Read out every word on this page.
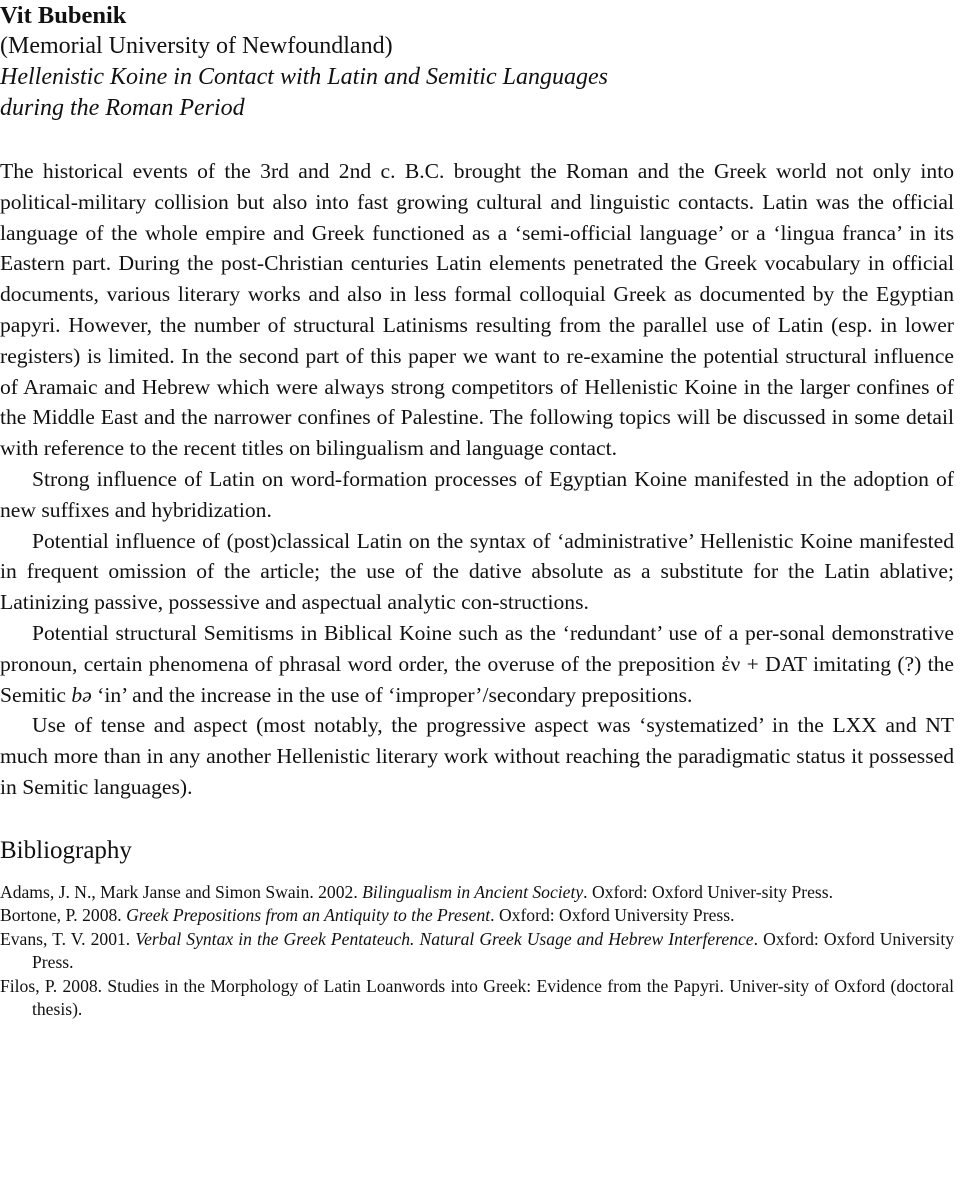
Vit Bubenik

(Memorial University of Newfoundland)

Hellenistic Koine in Contact with Latin and Semitic Languages

during the Roman Period

The historical events of the 3rd and 2nd c. B.C. brought the Roman and the Greek world not only into political-military collision but also into fast growing cultural and linguistic contacts. Latin was the official language of the whole empire and Greek functioned as a ‘semi-official language’ or a ‘lingua franca’ in its Eastern part. During the post-Christian centuries Latin elements penetrated the Greek vocabulary in official documents, various literary works and also in less formal colloquial Greek as documented by the Egyptian papyri. However, the number of structural Latinisms resulting from the parallel use of Latin (esp. in lower registers) is limited. In the second part of this paper we want to re-examine the potential structural influence of Aramaic and Hebrew which were always strong competitors of Hellenistic Koine in the larger confines of the Middle East and the narrower confines of Palestine. The following topics will be discussed in some detail with reference to the recent titles on bilingualism and language contact.

Strong influence of Latin on word-formation processes of Egyptian Koine manifested in the adoption of new suffixes and hybridization.

Potential influence of (post)classical Latin on the syntax of ‘administrative’ Hellenistic Koine manifested in frequent omission of the article; the use of the dative absolute as a substitute for the Latin ablative; Latinizing passive, possessive and aspectual analytic con-structions.

Potential structural Semitisms in Biblical Koine such as the ‘redundant’ use of a per-sonal demonstrative pronoun, certain phenomena of phrasal word order, the overuse of the preposition ἐν + DAT imitating (?) the Semitic bə ‘in’ and the increase in the use of ‘improper’/secondary prepositions.

Use of tense and aspect (most notably, the progressive aspect was ‘systematized’ in the LXX and NT much more than in any another Hellenistic literary work without reaching the paradigmatic status it possessed in Semitic languages).

Bibliography

Adams, J. N., Mark Janse and Simon Swain. 2002. Bilingualism in Ancient Society. Oxford: Oxford Univer-sity Press.

Bortone, P. 2008. Greek Prepositions from an Antiquity to the Present. Oxford: Oxford University Press.

Evans, T. V. 2001. Verbal Syntax in the Greek Pentateuch. Natural Greek Usage and Hebrew Interference. Oxford: Oxford University Press.

Filos, P. 2008. Studies in the Morphology of Latin Loanwords into Greek: Evidence from the Papyri. Univer-sity of Oxford (doctoral thesis).
